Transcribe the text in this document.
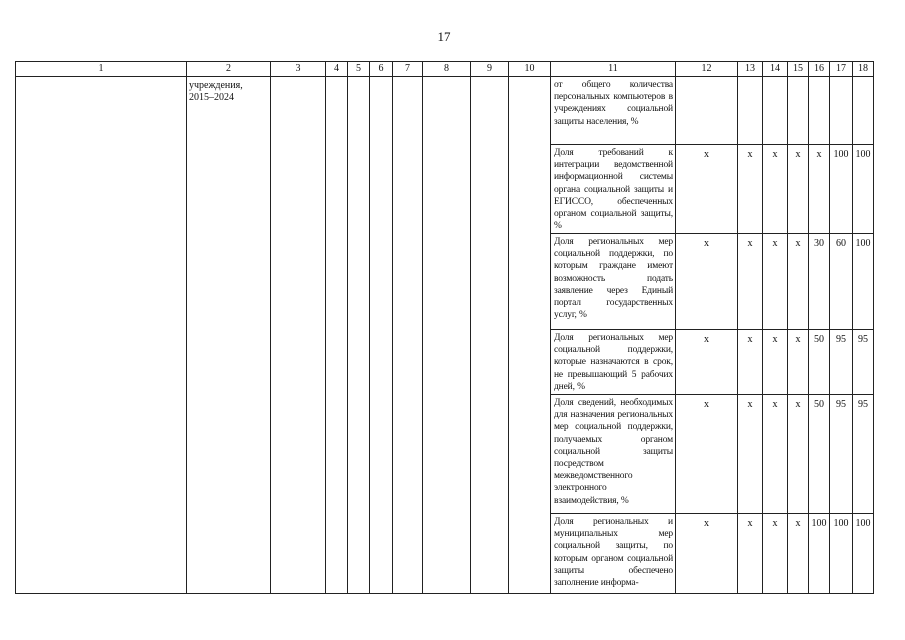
17
1	2	3	4	5	6	7	8	9	10	11	12	13	14	15	16	17	18
	учреждения, 2015–2024									от общего количества персональных компьютеров в учреждениях социальной защиты населения, %							
										Доля требований к интеграции ведомственной информационной системы органа социальной защиты и ЕГИССО, обеспеченных органом социальной защиты, %	x	x	x	x	x	100	100
										Доля региональных мер социальной поддержки, по которым граждане имеют возможность подать заявление через Единый портал государственных услуг, %	x	x	x	x	30	60	100
										Доля региональных мер социальной поддержки, которые назначаются в срок, не превышающий 5 рабочих дней, %	x	x	x	x	50	95	95
										Доля сведений, необходимых для назначения региональных мер социальной поддержки, получаемых органом социальной защиты посредством межведомственного электронного взаимодействия, %	x	x	x	x	50	95	95
										Доля региональных и муниципальных мер социальной защиты, по которым органом социальной защиты обеспечено заполнение информа-	x	x	x	x	100	100	100
